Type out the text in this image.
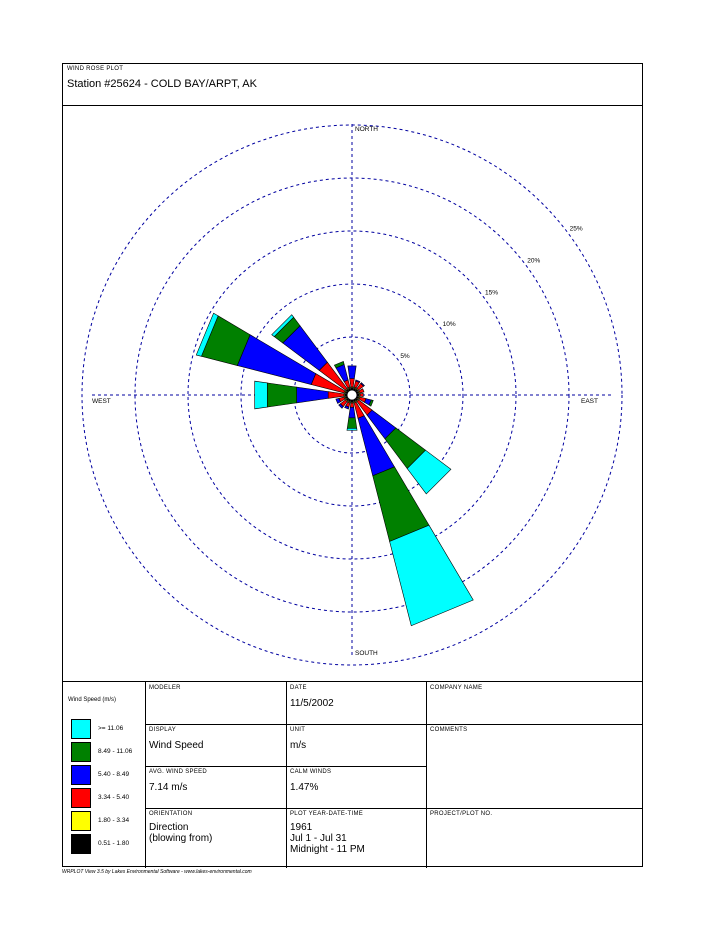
WIND ROSE PLOT
Station #25624 - COLD BAY/ARPT, AK
NORTH
SOUTH
EAST
WEST
5%
10%
15%
20%
25%
Wind Speed (m/s)
>= 11.06
8.49 - 11.06
5.40 - 8.49
3.34 - 5.40
1.80 - 3.34
0.51 - 1.80
MODELER	DATE
11/5/2002
COMPANY NAME
DISPLAY
Wind Speed
UNIT
m/s
COMMENTS
AVG. WIND SPEED
7.14 m/s
CALM WINDS
1.47%
ORIENTATION
Direction
(blowing from)
PLOT YEAR-DATE-TIME
1961
Jul 1 - Jul 31
Midnight - 11 PM
PROJECT/PLOT NO.
WRPLOT View 3.5 by Lakes Environmental Software - www.lakes-environmental.com
